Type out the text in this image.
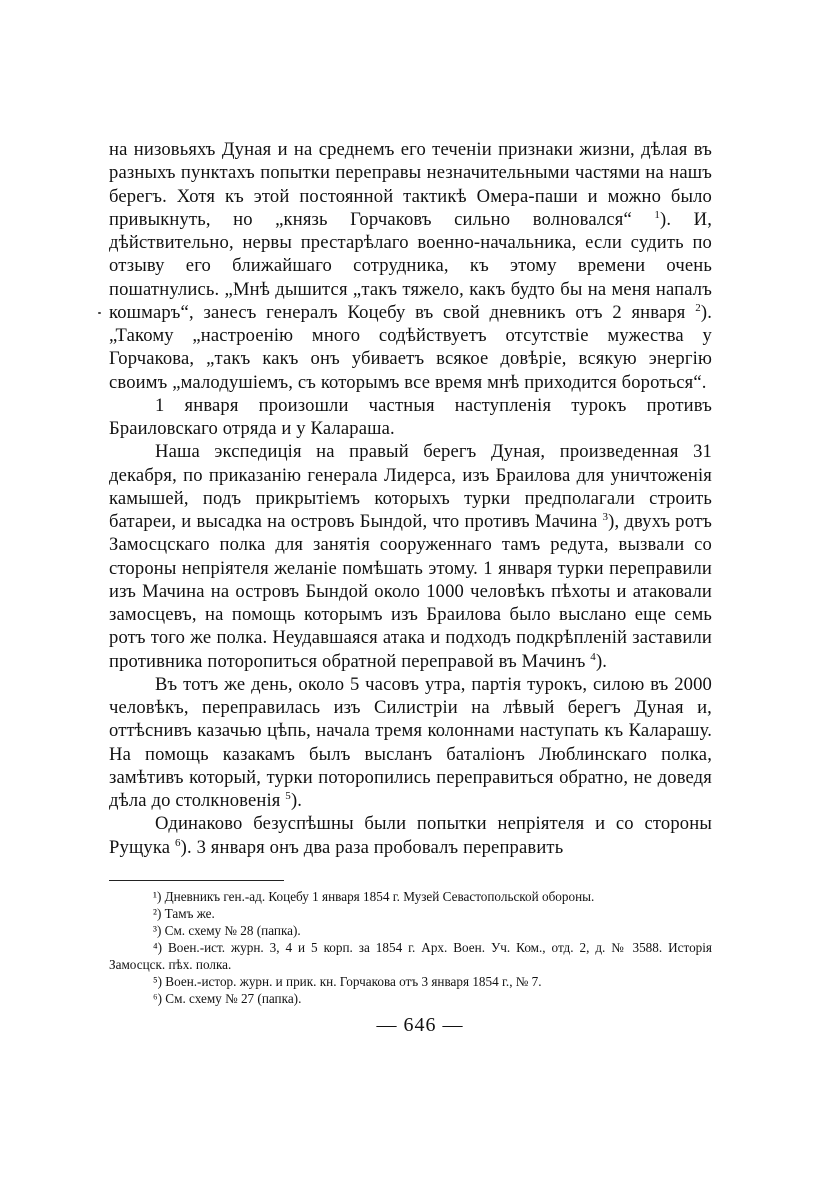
на низовьяхъ Дуная и на среднемъ его теченіи признаки жизни, дѣлая въ разныхъ пунктахъ попытки переправы незначительными частями на нашъ берегъ. Хотя къ этой постоянной тактикѣ Омера-паши и можно было привыкнуть, но „князь Горчаковъ сильно волновался“ $^1$). И, дѣйствительно, нервы престарѣлаго военно-начальника, если судить по отзыву его ближайшаго сотрудника, къ этому времени очень пошатнулись. „Мнѣ дышится „такъ тяжело, какъ будто бы на меня напалъ кошмаръ“, занесъ генералъ Коцебу въ свой дневникъ отъ 2 января $^2$). „Такому „настроенію много содѣйствуетъ отсутствіе мужества у Горчакова, „такъ какъ онъ убиваетъ всякое довѣріе, всякую энергію своимъ „малодушіемъ, съ которымъ все время мнѣ приходится бороться“.

1 января произошли частныя наступленія турокъ противъ Браиловскаго отряда и у Калараша.

Наша экспедиція на правый берегъ Дуная, произведенная 31 декабря, по приказанію генерала Лидерса, изъ Браилова для уничтоженія камышей, подъ прикрытіемъ которыхъ турки предполагали строить батареи, и высадка на островъ Бындой, что противъ Мачина $^3$), двухъ ротъ Замосцскаго полка для занятія сооруженнаго тамъ редута, вызвали со стороны непріятеля желаніе помѣшать этому. 1 января турки переправили изъ Мачина на островъ Бындой около 1000 человѣкъ пѣхоты и атаковали замосцевъ, на помощь которымъ изъ Браилова было выслано еще семь ротъ того же полка. Неудавшаяся атака и подходъ подкрѣпленій заставили противника поторопиться обратной переправой въ Мачинъ $^4$).

Въ тотъ же день, около 5 часовъ утра, партія турокъ, силою въ 2000 человѣкъ, переправилась изъ Силистріи на лѣвый берегъ Дуная и, оттѣснивъ казачью цѣпь, начала тремя колоннами наступать къ Каларашу. На помощь казакамъ былъ высланъ баталіонъ Люблинскаго полка, замѣтивъ который, турки поторопились переправиться обратно, не доведя дѣла до столкновенія $^5$).

Одинаково безуспѣшны были попытки непріятеля и со стороны Рущука $^6$). 3 января онъ два раза пробовалъ переправить

¹) Дневникъ ген.-ад. Коцебу 1 января 1854 г. Музей Севастопольской обороны.

²) Тамъ же.

³) См. схему № 28 (папка).

⁴) Воен.-ист. журн. 3, 4 и 5 корп. за 1854 г. Арх. Воен. Уч. Ком., отд. 2, д. № 3588. Исторія Замосцск. пѣх. полка.

⁵) Воен.-истор. журн. и прик. кн. Горчакова отъ 3 января 1854 г., № 7.

⁶) См. схему № 27 (папка).

— 646 —
